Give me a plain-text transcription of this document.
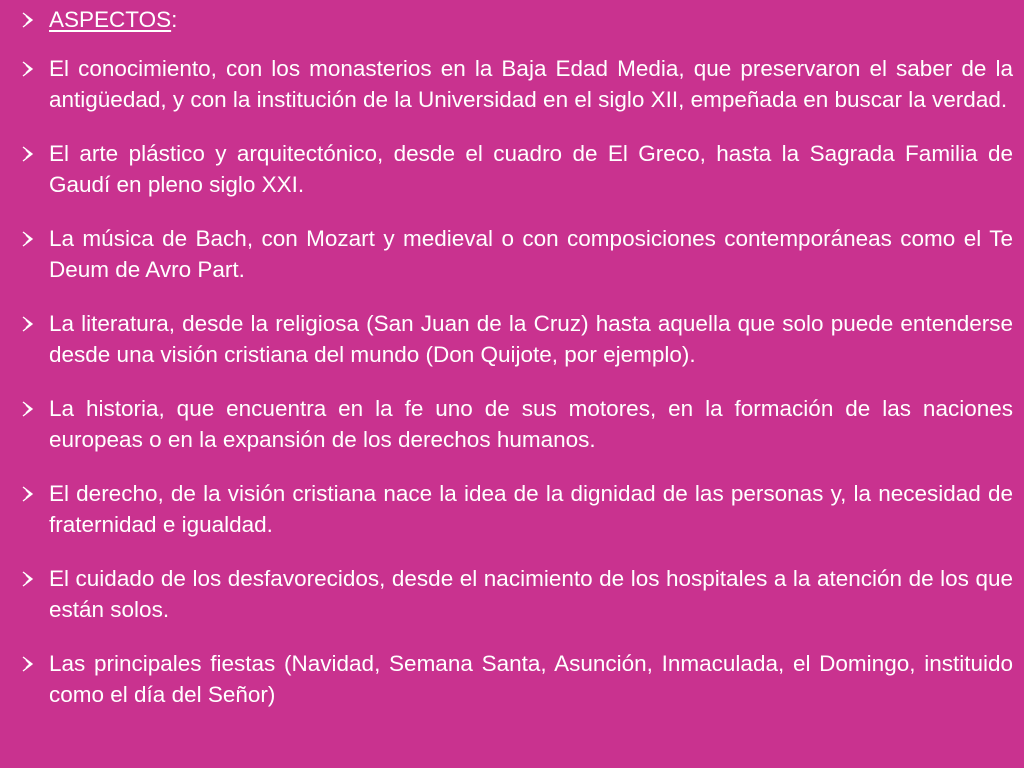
ASPECTOS:
El conocimiento, con los monasterios en la Baja Edad Media, que preservaron el saber de la antigüedad, y con la institución de la Universidad en el siglo XII, empeñada en buscar la verdad.
El arte plástico y arquitectónico, desde el cuadro de El Greco, hasta la Sagrada Familia de Gaudí en pleno siglo XXI.
La música de Bach, con Mozart y medieval o con composiciones contemporáneas como el Te Deum de Avro Part.
La literatura, desde la religiosa (San Juan de la Cruz) hasta aquella que solo puede entenderse desde una visión cristiana del mundo (Don Quijote, por ejemplo).
La historia, que encuentra en la fe uno de sus motores, en la formación de las naciones europeas o en la expansión de los derechos humanos.
El derecho, de la visión cristiana nace la idea de la dignidad de las personas y, la necesidad de fraternidad e igualdad.
El cuidado de los desfavorecidos, desde el nacimiento de los hospitales a la atención de los que están solos.
Las principales fiestas (Navidad, Semana Santa, Asunción, Inmaculada, el Domingo, instituido como el día del Señor)
